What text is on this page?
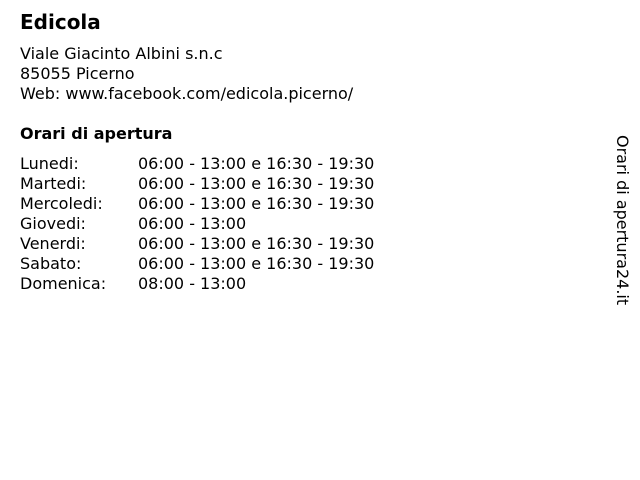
Edicola
Viale Giacinto Albini s.n.c
85055 Picerno
Web: www.facebook.com/edicola.picerno/
Orari di apertura
Lunedi:	06:00 - 13:00 e 16:30 - 19:30
Martedi:	06:00 - 13:00 e 16:30 - 19:30
Mercoledi:	06:00 - 13:00 e 16:30 - 19:30
Giovedi:	06:00 - 13:00
Venerdi:	06:00 - 13:00 e 16:30 - 19:30
Sabato:	06:00 - 13:00 e 16:30 - 19:30
Domenica:	08:00 - 13:00	Orari di apertura24.it
